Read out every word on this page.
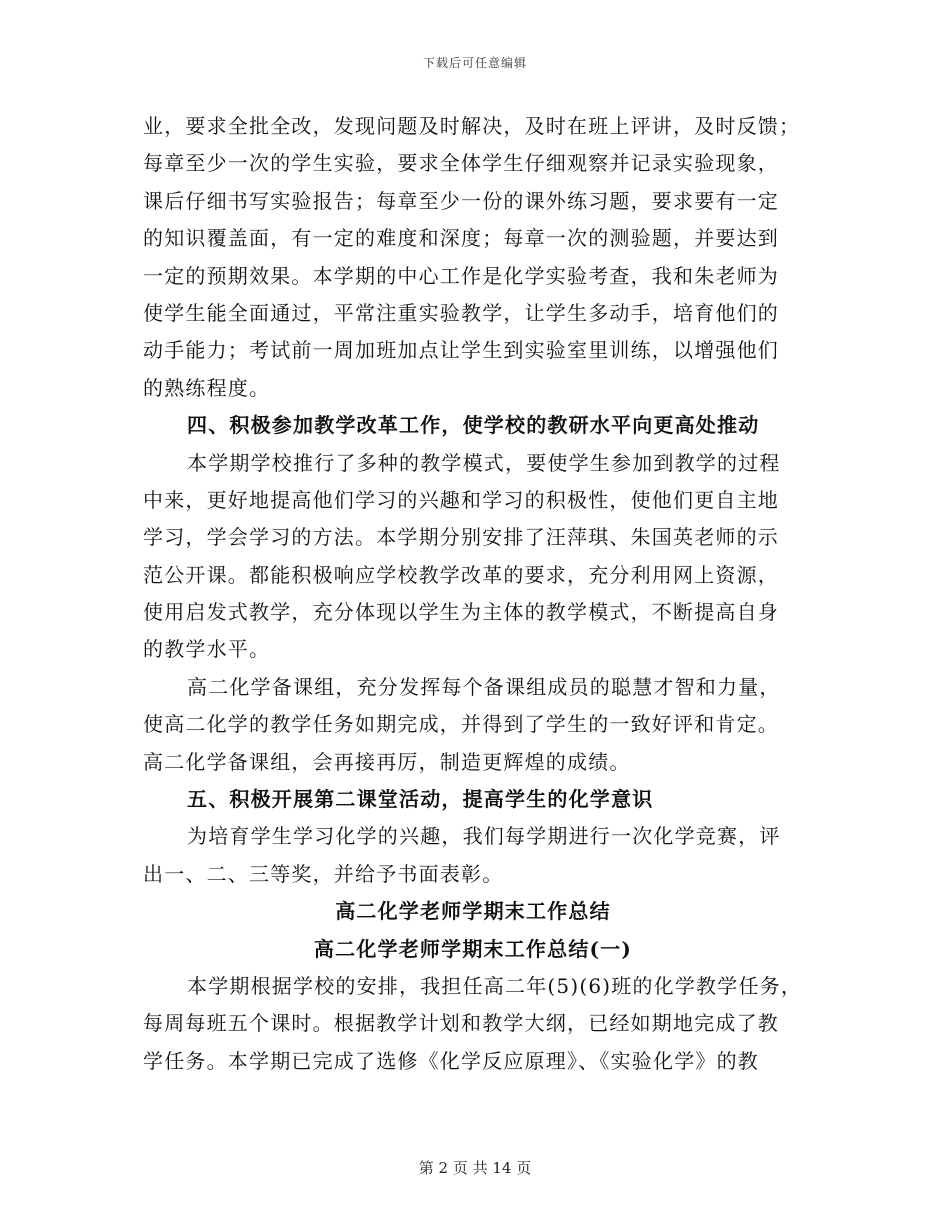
下载后可任意编辑
业，要求全批全改，发现问题及时解决，及时在班上评讲，及时反馈；
每章至少一次的学生实验，要求全体学生仔细观察并记录实验现象，
课后仔细书写实验报告；每章至少一份的课外练习题，要求要有一定
的知识覆盖面，有一定的难度和深度；每章一次的测验题，并要达到
一定的预期效果。本学期的中心工作是化学实验考查，我和朱老师为
使学生能全面通过，平常注重实验教学，让学生多动手，培育他们的
动手能力；考试前一周加班加点让学生到实验室里训练，以增强他们
的熟练程度。
四、积极参加教学改革工作，使学校的教研水平向更高处推动
本学期学校推行了多种的教学模式，要使学生参加到教学的过程
中来，更好地提高他们学习的兴趣和学习的积极性，使他们更自主地
学习，学会学习的方法。本学期分别安排了汪萍琪、朱国英老师的示
范公开课。都能积极响应学校教学改革的要求，充分利用网上资源，
使用启发式教学，充分体现以学生为主体的教学模式，不断提高自身
的教学水平。
高二化学备课组，充分发挥每个备课组成员的聪慧才智和力量，
使高二化学的教学任务如期完成，并得到了学生的一致好评和肯定。
高二化学备课组，会再接再厉，制造更辉煌的成绩。
五、积极开展第二课堂活动，提高学生的化学意识
为培育学生学习化学的兴趣，我们每学期进行一次化学竞赛，评
出一、二、三等奖，并给予书面表彰。
高二化学老师学期末工作总结
高二化学老师学期末工作总结(一)
本学期根据学校的安排，我担任高二年(5)(6)班的化学教学任务，
每周每班五个课时。根据教学计划和教学大纲，已经如期地完成了教
学任务。本学期已完成了选修《化学反应原理》、《实验化学》的教
第 2 页 共 14 页
